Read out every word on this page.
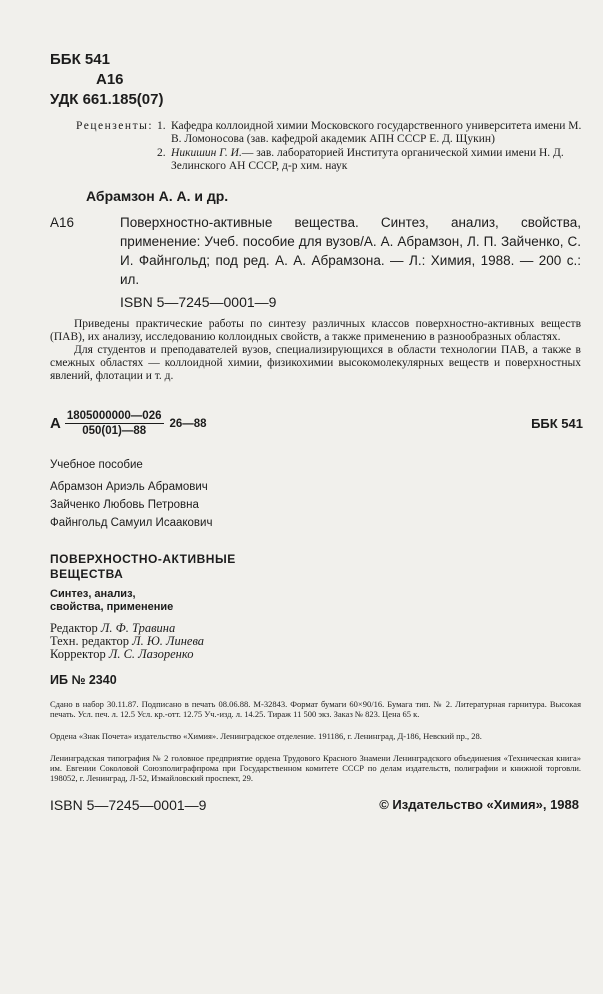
ББК 541
А16
УДК 661.185(07)
Рецензенты: 1. Кафедра коллоидной химии Московского государственного университета имени М. В. Ломоносова (зав. кафедрой академик АПН СССР Е. Д. Щукин)
2. Никишин Г. И.— зав. лабораторией Института органической химии имени Н. Д. Зелинского АН СССР, д-р хим. наук
Абрамзон А. А. и др.
А16	Поверхностно-активные вещества. Синтез, анализ, свойства, применение: Учеб. пособие для вузов/А. А. Абрамзон, Л. П. Зайченко, С. И. Файнгольд; под ред. А. А. Абрамзона. — Л.: Химия, 1988. — 200 с.: ил.
ISBN 5—7245—0001—9

Приведены практические работы по синтезу различных классов поверхностно-активных веществ (ПАВ), их анализу, исследованию коллоидных свойств, а также применению в разнообразных областях.

Для студентов и преподавателей вузов, специализирующихся в области технологии ПАВ, а также в смежных областях — коллоидной химии, физикохимии высокомолекулярных веществ и поверхностных явлений, флотации и т. д.

А $\frac{1805000000—026}{050(01)—88}$ 26—88	ББК 541
Учебное пособие
Абрамзон Ариэль Абрамович
Зайченко Любовь Петровна
Файнгольд Самуил Исаакович
ПОВЕРХНОСТНО-АКТИВНЫЕ
ВЕЩЕСТВА
Синтез, анализ,
свойства, применение
Редактор Л. Ф. Травина
Техн. редактор Л. Ю. Линева
Корректор Л. С. Лазоренко
ИБ № 2340
Сдано в набор 30.11.87. Подписано в печать 08.06.88. М-32843. Формат бумаги 60×90/16. Бумага тип. № 2. Литературная гарнитура. Высокая печать. Усл. печ. л. 12.5 Усл. кр.-отт. 12.75 Уч.-изд. л. 14.25. Тираж 11 500 экз. Заказ № 823. Цена 65 к.
Ордена «Знак Почета» издательство «Химия». Ленинградское отделение. 191186, г. Ленинград, Д-186, Невский пр., 28.
Ленинградская типография № 2 головное предприятие ордена Трудового Красного Знамени Ленинградского объединения «Техническая книга» им. Евгении Соколовой Союзполиграфпрома при Государственном комитете СССР по делам издательств, полиграфии и книжной торговли. 198052, г. Ленинград, Л-52, Измайловский проспект, 29.
ISBN 5—7245—0001—9	© Издательство «Химия», 1988
